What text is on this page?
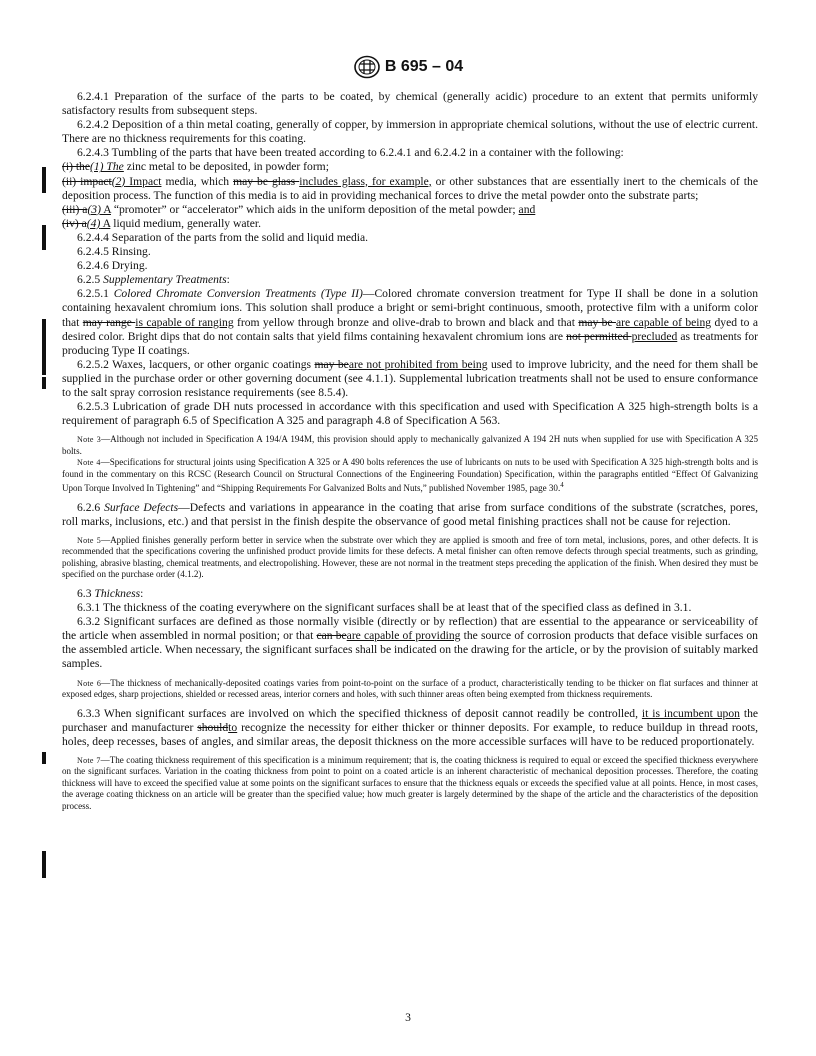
B 695 – 04

6.2.4.1 Preparation of the surface of the parts to be coated, by chemical (generally acidic) procedure to an extent that permits uniformly satisfactory results from subsequent steps.

6.2.4.2 Deposition of a thin metal coating, generally of copper, by immersion in appropriate chemical solutions, without the use of electric current. There are no thickness requirements for this coating.

6.2.4.3 Tumbling of the parts that have been treated according to 6.2.4.1 and 6.2.4.2 in a container with the following:

(i) the(1) The zinc metal to be deposited, in powder form;

(ii) impact(2) Impact media, which may be glass includes glass, for example, or other substances that are essentially inert to the chemicals of the deposition process. The function of this media is to aid in providing mechanical forces to drive the metal powder onto the substrate parts;

(iii) a(3) A “promoter” or “accelerator” which aids in the uniform deposition of the metal powder; and

(iv) a(4) A liquid medium, generally water.

6.2.4.4 Separation of the parts from the solid and liquid media.

6.2.4.5 Rinsing.

6.2.4.6 Drying.

6.2.5 Supplementary Treatments:

6.2.5.1 Colored Chromate Conversion Treatments (Type II)—Colored chromate conversion treatment for Type II shall be done in a solution containing hexavalent chromium ions. This solution shall produce a bright or semi-bright continuous, smooth, protective film with a uniform color that may range is capable of ranging from yellow through bronze and olive-drab to brown and black and that may be are capable of being dyed to a desired color. Bright dips that do not contain salts that yield films containing hexavalent chromium ions are not permitted precluded as treatments for producing Type II coatings.

6.2.5.2 Waxes, lacquers, or other organic coatings may beare not prohibited from being used to improve lubricity, and the need for them shall be supplied in the purchase order or other governing document (see 4.1.1). Supplemental lubrication treatments shall not be used to ensure conformance to the salt spray corrosion resistance requirements (see 8.5.4).

6.2.5.3 Lubrication of grade DH nuts processed in accordance with this specification and used with Specification A 325 high-strength bolts is a requirement of paragraph 6.5 of Specification A 325 and paragraph 4.8 of Specification A 563.

Note 3—Although not included in Specification A 194/A 194M, this provision should apply to mechanically galvanized A 194 2H nuts when supplied for use with Specification A 325 bolts.

Note 4—Specifications for structural joints using Specification A 325 or A 490 bolts references the use of lubricants on nuts to be used with Specification A 325 high-strength bolts and is found in the commentary on this RCSC (Research Council on Structural Connections of the Engineering Foundation) Specification, within the paragraphs entitled “Effect Of Galvanizing Upon Torque Involved In Tightening” and “Shipping Requirements For Galvanized Bolts and Nuts,” published November 1985, page 30.$^4$

6.2.6 Surface Defects—Defects and variations in appearance in the coating that arise from surface conditions of the substrate (scratches, pores, roll marks, inclusions, etc.) and that persist in the finish despite the observance of good metal finishing practices shall not be cause for rejection.

Note 5—Applied finishes generally perform better in service when the substrate over which they are applied is smooth and free of torn metal, inclusions, pores, and other defects. It is recommended that the specifications covering the unfinished product provide limits for these defects. A metal finisher can often remove defects through special treatments, such as grinding, polishing, abrasive blasting, chemical treatments, and electropolishing. However, these are not normal in the treatment steps preceding the application of the finish. When desired they must be specified on the purchase order (4.1.2).

6.3 Thickness:

6.3.1 The thickness of the coating everywhere on the significant surfaces shall be at least that of the specified class as defined in 3.1.

6.3.2 Significant surfaces are defined as those normally visible (directly or by reflection) that are essential to the appearance or serviceability of the article when assembled in normal position; or that can beare capable of providing the source of corrosion products that deface visible surfaces on the assembled article. When necessary, the significant surfaces shall be indicated on the drawing for the article, or by the provision of suitably marked samples.

Note 6—The thickness of mechanically-deposited coatings varies from point-to-point on the surface of a product, characteristically tending to be thicker on flat surfaces and thinner at exposed edges, sharp projections, shielded or recessed areas, interior corners and holes, with such thinner areas often being exempted from thickness requirements.

6.3.3 When significant surfaces are involved on which the specified thickness of deposit cannot readily be controlled, it is incumbent upon the purchaser and manufacturer shouldto recognize the necessity for either thicker or thinner deposits. For example, to reduce buildup in thread roots, holes, deep recesses, bases of angles, and similar areas, the deposit thickness on the more accessible surfaces will have to be reduced proportionately.

Note 7—The coating thickness requirement of this specification is a minimum requirement; that is, the coating thickness is required to equal or exceed the specified thickness everywhere on the significant surfaces. Variation in the coating thickness from point to point on a coated article is an inherent characteristic of mechanical deposition processes. Therefore, the coating thickness will have to exceed the specified value at some points on the significant surfaces to ensure that the thickness equals or exceeds the specified value at all points. Hence, in most cases, the average coating thickness on an article will be greater than the specified value; how much greater is largely determined by the shape of the article and the characteristics of the deposition process.

3
